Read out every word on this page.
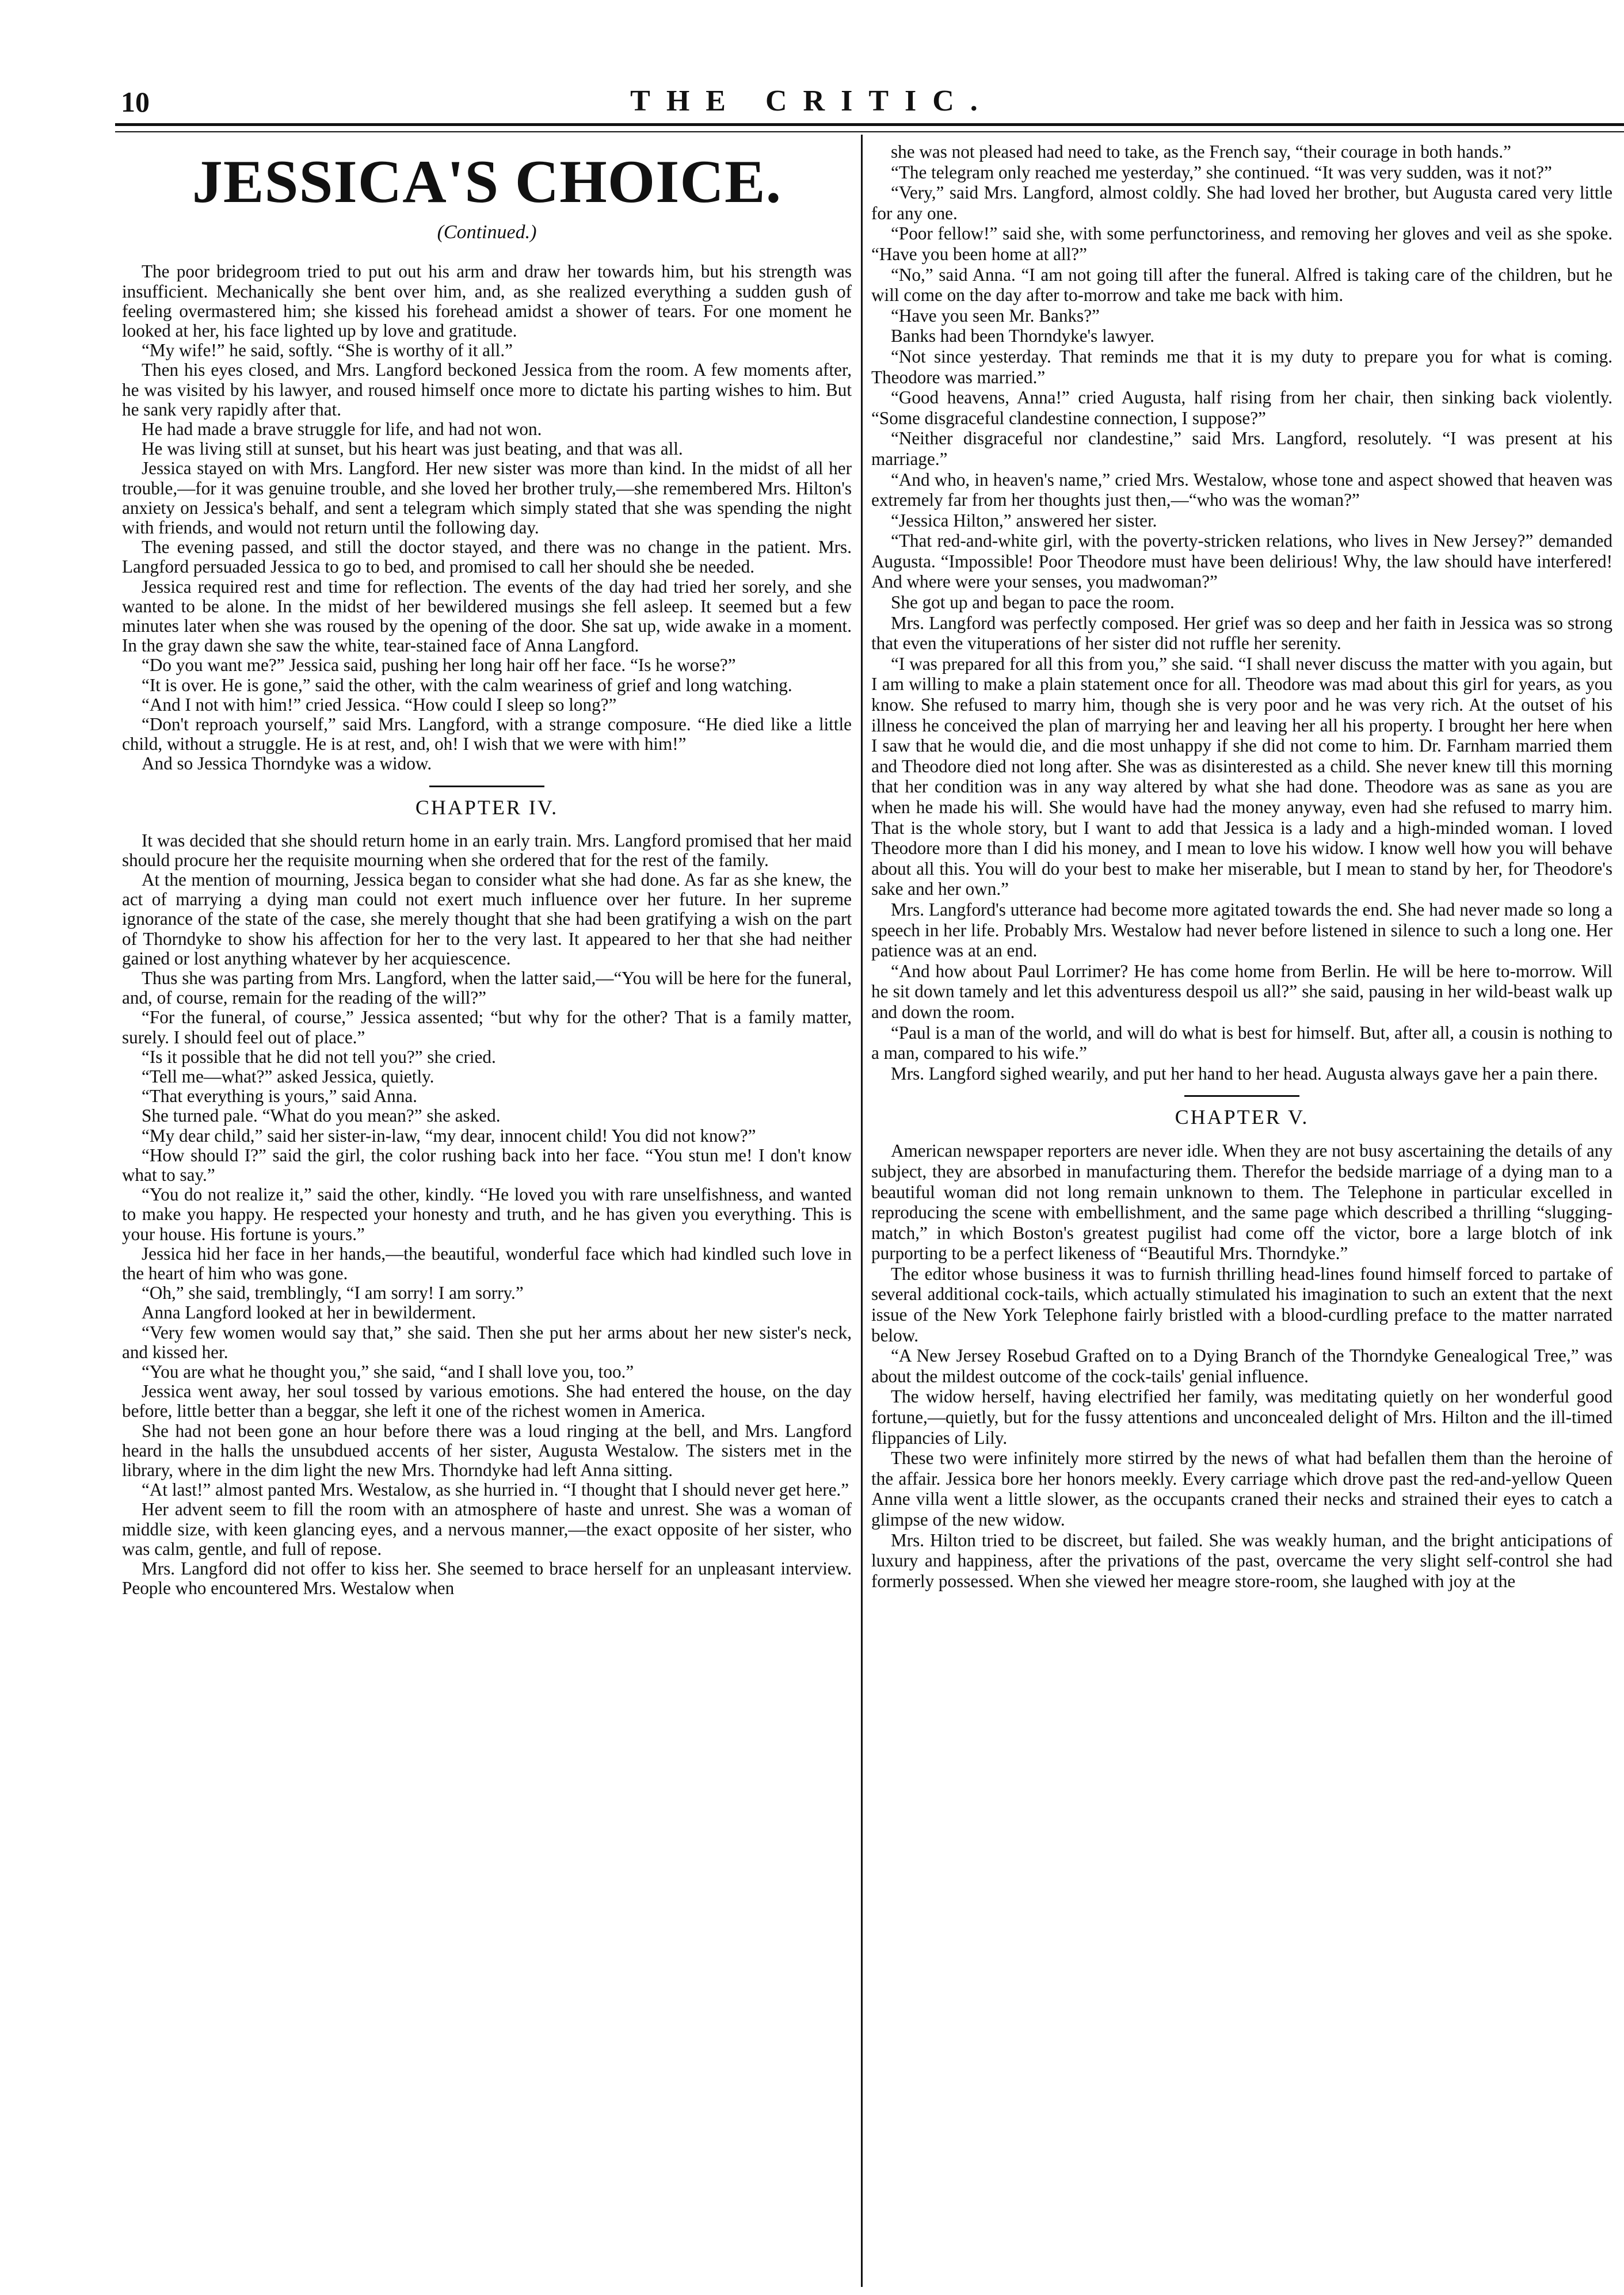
10	THE CRITIC.
JESSICA'S CHOICE.
(Continued.)

The poor bridegroom tried to put out his arm and draw her towards him, but his strength was insufficient. Mechanically she bent over him, and, as she realized everything a sudden gush of feeling overmastered him; she kissed his forehead amidst a shower of tears. For one moment he looked at her, his face lighted up by love and gratitude.

“My wife!” he said, softly. “She is worthy of it all.”

Then his eyes closed, and Mrs. Langford beckoned Jessica from the room. A few moments after, he was visited by his lawyer, and roused himself once more to dictate his parting wishes to him. But he sank very rapidly after that.

He had made a brave struggle for life, and had not won.

He was living still at sunset, but his heart was just beating, and that was all.

Jessica stayed on with Mrs. Langford. Her new sister was more than kind. In the midst of all her trouble,—for it was genuine trouble, and she loved her brother truly,—she remembered Mrs. Hilton's anxiety on Jessica's behalf, and sent a telegram which simply stated that she was spending the night with friends, and would not return until the following day.

The evening passed, and still the doctor stayed, and there was no change in the patient. Mrs. Langford persuaded Jessica to go to bed, and promised to call her should she be needed.

Jessica required rest and time for reflection. The events of the day had tried her sorely, and she wanted to be alone. In the midst of her bewildered musings she fell asleep. It seemed but a few minutes later when she was roused by the opening of the door. She sat up, wide awake in a moment. In the gray dawn she saw the white, tear-stained face of Anna Langford.

“Do you want me?” Jessica said, pushing her long hair off her face. “Is he worse?”

“It is over. He is gone,” said the other, with the calm weariness of grief and long watching.

“And I not with him!” cried Jessica. “How could I sleep so long?”

“Don't reproach yourself,” said Mrs. Langford, with a strange composure. “He died like a little child, without a struggle. He is at rest, and, oh! I wish that we were with him!”

And so Jessica Thorndyke was a widow.

CHAPTER IV.

It was decided that she should return home in an early train. Mrs. Langford promised that her maid should procure her the requisite mourning when she ordered that for the rest of the family.

At the mention of mourning, Jessica began to consider what she had done. As far as she knew, the act of marrying a dying man could not exert much influence over her future. In her supreme ignorance of the state of the case, she merely thought that she had been gratifying a wish on the part of Thorndyke to show his affection for her to the very last. It appeared to her that she had neither gained or lost anything whatever by her acquiescence.

Thus she was parting from Mrs. Langford, when the latter said,—“You will be here for the funeral, and, of course, remain for the reading of the will?”

“For the funeral, of course,” Jessica assented; “but why for the other? That is a family matter, surely. I should feel out of place.”

“Is it possible that he did not tell you?” she cried.

“Tell me—what?” asked Jessica, quietly.

“That everything is yours,” said Anna.

She turned pale. “What do you mean?” she asked.

“My dear child,” said her sister-in-law, “my dear, innocent child! You did not know?”

“How should I?” said the girl, the color rushing back into her face. “You stun me! I don't know what to say.”

“You do not realize it,” said the other, kindly. “He loved you with rare unselfishness, and wanted to make you happy. He respected your honesty and truth, and he has given you everything. This is your house. His fortune is yours.”

Jessica hid her face in her hands,—the beautiful, wonderful face which had kindled such love in the heart of him who was gone.

“Oh,” she said, tremblingly, “I am sorry! I am sorry.”

Anna Langford looked at her in bewilderment.

“Very few women would say that,” she said. Then she put her arms about her new sister's neck, and kissed her.

“You are what he thought you,” she said, “and I shall love you, too.”

Jessica went away, her soul tossed by various emotions. She had entered the house, on the day before, little better than a beggar, she left it one of the richest women in America.

She had not been gone an hour before there was a loud ringing at the bell, and Mrs. Langford heard in the halls the unsubdued accents of her sister, Augusta Westalow. The sisters met in the library, where in the dim light the new Mrs. Thorndyke had left Anna sitting.

“At last!” almost panted Mrs. Westalow, as she hurried in. “I thought that I should never get here.”

Her advent seem to fill the room with an atmosphere of haste and unrest. She was a woman of middle size, with keen glancing eyes, and a nervous manner,—the exact opposite of her sister, who was calm, gentle, and full of repose.

Mrs. Langford did not offer to kiss her. She seemed to brace herself for an unpleasant interview. People who encountered Mrs. Westalow when

she was not pleased had need to take, as the French say, “their courage in both hands.”

“The telegram only reached me yesterday,” she continued. “It was very sudden, was it not?”

“Very,” said Mrs. Langford, almost coldly. She had loved her brother, but Augusta cared very little for any one.

“Poor fellow!” said she, with some perfunctoriness, and removing her gloves and veil as she spoke. “Have you been home at all?”

“No,” said Anna. “I am not going till after the funeral. Alfred is taking care of the children, but he will come on the day after to-morrow and take me back with him.

“Have you seen Mr. Banks?”

Banks had been Thorndyke's lawyer.

“Not since yesterday. That reminds me that it is my duty to prepare you for what is coming. Theodore was married.”

“Good heavens, Anna!” cried Augusta, half rising from her chair, then sinking back violently. “Some disgraceful clandestine connection, I suppose?”

“Neither disgraceful nor clandestine,” said Mrs. Langford, resolutely. “I was present at his marriage.”

“And who, in heaven's name,” cried Mrs. Westalow, whose tone and aspect showed that heaven was extremely far from her thoughts just then,—“who was the woman?”

“Jessica Hilton,” answered her sister.

“That red-and-white girl, with the poverty-stricken relations, who lives in New Jersey?” demanded Augusta. “Impossible! Poor Theodore must have been delirious! Why, the law should have interfered! And where were your senses, you madwoman?”

She got up and began to pace the room.

Mrs. Langford was perfectly composed. Her grief was so deep and her faith in Jessica was so strong that even the vituperations of her sister did not ruffle her serenity.

“I was prepared for all this from you,” she said. “I shall never discuss the matter with you again, but I am willing to make a plain statement once for all. Theodore was mad about this girl for years, as you know. She refused to marry him, though she is very poor and he was very rich. At the outset of his illness he conceived the plan of marrying her and leaving her all his property. I brought her here when I saw that he would die, and die most unhappy if she did not come to him. Dr. Farnham married them and Theodore died not long after. She was as disinterested as a child. She never knew till this morning that her condition was in any way altered by what she had done. Theodore was as sane as you are when he made his will. She would have had the money anyway, even had she refused to marry him. That is the whole story, but I want to add that Jessica is a lady and a high-minded woman. I loved Theodore more than I did his money, and I mean to love his widow. I know well how you will behave about all this. You will do your best to make her miserable, but I mean to stand by her, for Theodore's sake and her own.”

Mrs. Langford's utterance had become more agitated towards the end. She had never made so long a speech in her life. Probably Mrs. Westalow had never before listened in silence to such a long one. Her patience was at an end.

“And how about Paul Lorrimer? He has come home from Berlin. He will be here to-morrow. Will he sit down tamely and let this adventuress despoil us all?” she said, pausing in her wild-beast walk up and down the room.

“Paul is a man of the world, and will do what is best for himself. But, after all, a cousin is nothing to a man, compared to his wife.”

Mrs. Langford sighed wearily, and put her hand to her head. Augusta always gave her a pain there.

CHAPTER V.

American newspaper reporters are never idle. When they are not busy ascertaining the details of any subject, they are absorbed in manufacturing them. Therefor the bedside marriage of a dying man to a beautiful woman did not long remain unknown to them. The Telephone in particular excelled in reproducing the scene with embellishment, and the same page which described a thrilling “slugging-match,” in which Boston's greatest pugilist had come off the victor, bore a large blotch of ink purporting to be a perfect likeness of “Beautiful Mrs. Thorndyke.”

The editor whose business it was to furnish thrilling head-lines found himself forced to partake of several additional cock-tails, which actually stimulated his imagination to such an extent that the next issue of the New York Telephone fairly bristled with a blood-curdling preface to the matter narrated below.

“A New Jersey Rosebud Grafted on to a Dying Branch of the Thorndyke Genealogical Tree,” was about the mildest outcome of the cock-tails' genial influence.

The widow herself, having electrified her family, was meditating quietly on her wonderful good fortune,—quietly, but for the fussy attentions and unconcealed delight of Mrs. Hilton and the ill-timed flippancies of Lily.

These two were infinitely more stirred by the news of what had befallen them than the heroine of the affair. Jessica bore her honors meekly. Every carriage which drove past the red-and-yellow Queen Anne villa went a little slower, as the occupants craned their necks and strained their eyes to catch a glimpse of the new widow.

Mrs. Hilton tried to be discreet, but failed. She was weakly human, and the bright anticipations of luxury and happiness, after the privations of the past, overcame the very slight self-control she had formerly possessed. When she viewed her meagre store-room, she laughed with joy at the
